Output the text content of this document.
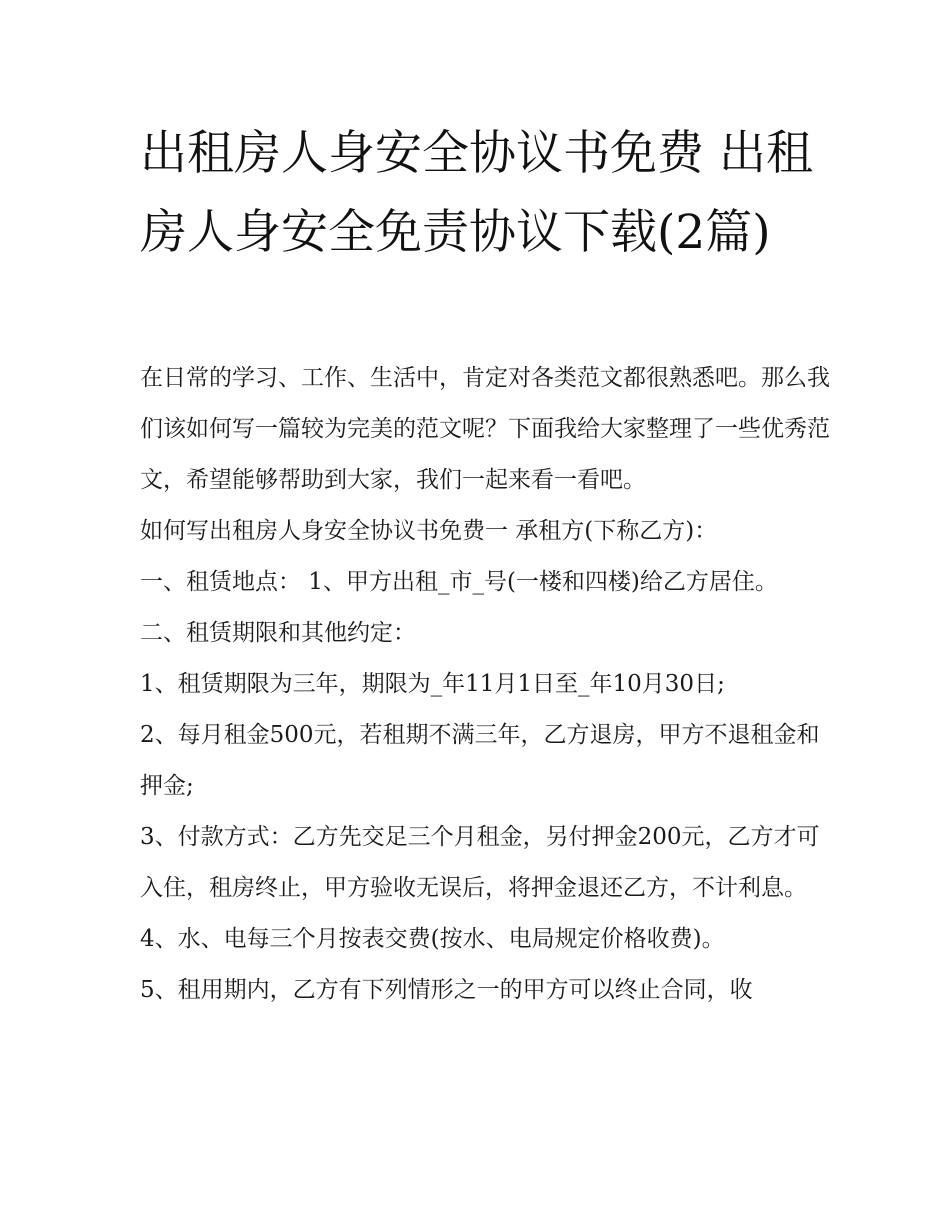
出租房人身安全协议书免费 出租房人身安全免责协议下载(2篇)

在日常的学习、工作、生活中，肯定对各类范文都很熟悉吧。那么我们该如何写一篇较为完美的范文呢？下面我给大家整理了一些优秀范文，希望能够帮助到大家，我们一起来看一看吧。

如何写出租房人身安全协议书免费一 承租方(下称乙方)：

一、租赁地点： 1、甲方出租_市_号(一楼和四楼)给乙方居住。 二、租赁期限和其他约定：

1、租赁期限为三年，期限为_年11月1日至_年10月30日;

2、每月租金500元，若租期不满三年，乙方退房，甲方不退租金和押金;

3、付款方式：乙方先交足三个月租金，另付押金200元，乙方才可入住，租房终止，甲方验收无误后，将押金退还乙方，不计利息。

4、水、电每三个月按表交费(按水、电局规定价格收费)。

5、租用期内，乙方有下列情形之一的甲方可以终止合同，收
